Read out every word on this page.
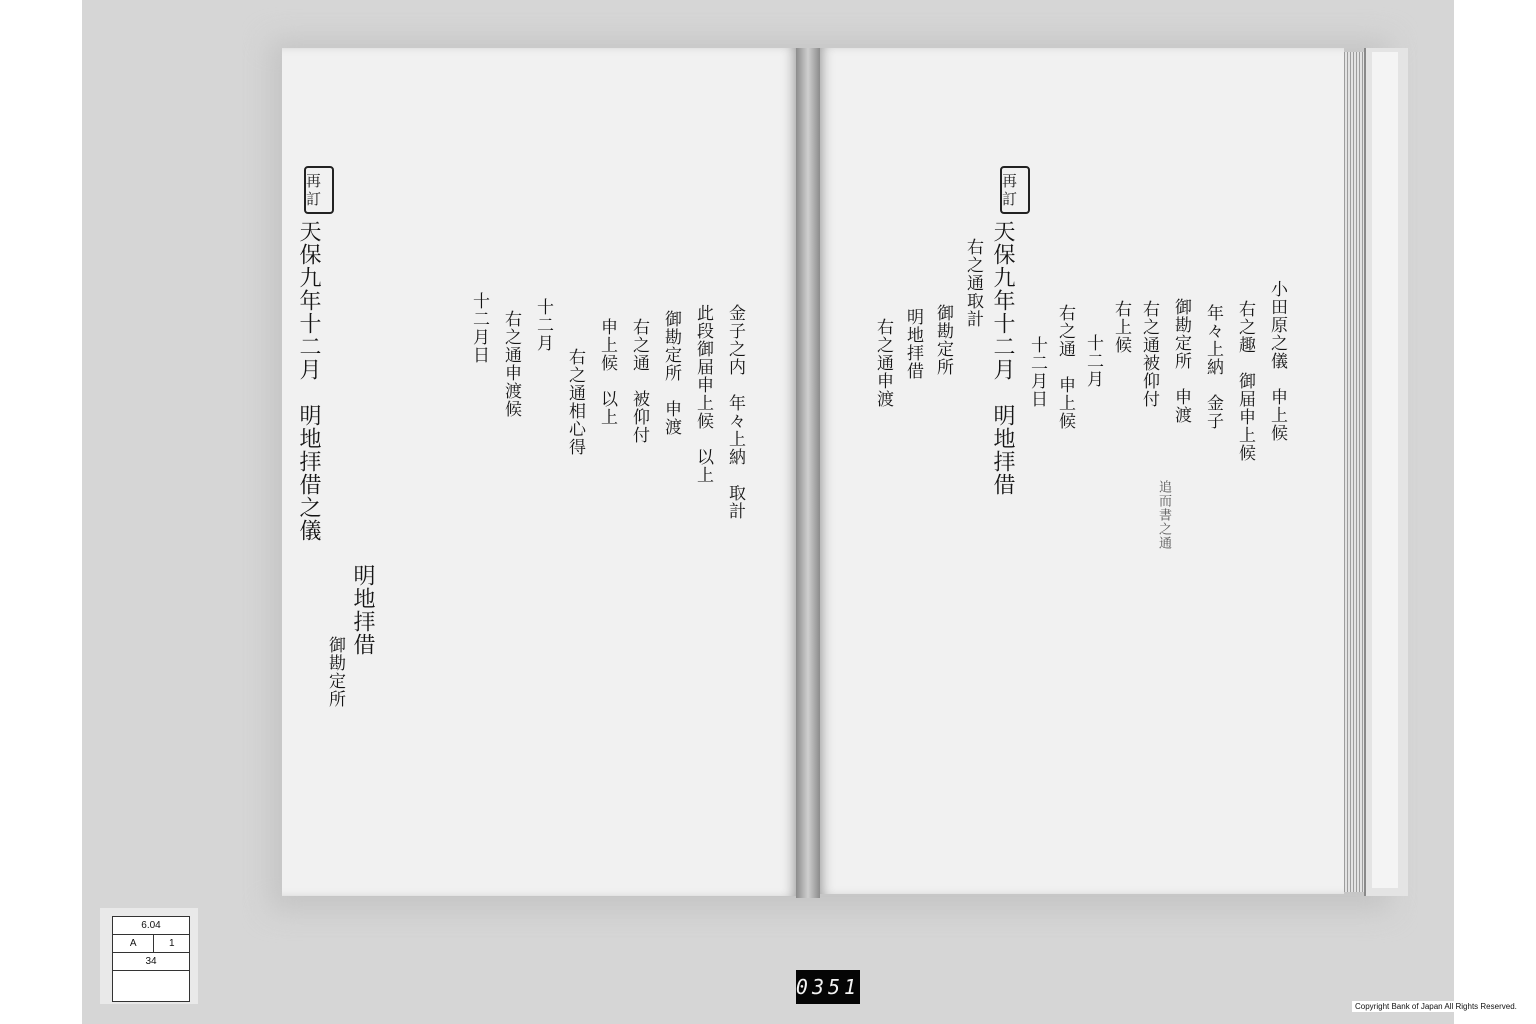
再訂
天保九年十二月　明地拝借之儀	金子之内　年々上納　取計
此段御届申上候　以上
御勘定所　申渡
右之通　被仰付
申上候　以上
右之通相心得
十二月
右之通申渡候
十二月日
明地拝借
御勘定所
再訂
小田原之儀　申上候
右之趣　御届申上候
年々上納　金子
御勘定所　申渡
右之通被仰付
右上候
十二月
右之通　申上候
十二月日
天保九年十二月　明地拝借
右之通取計
御勘定所
明地拝借
右之通申渡
追而書之通
6.04
A	1
34

0351
Copyright Bank of Japan All Rights Reserved.
